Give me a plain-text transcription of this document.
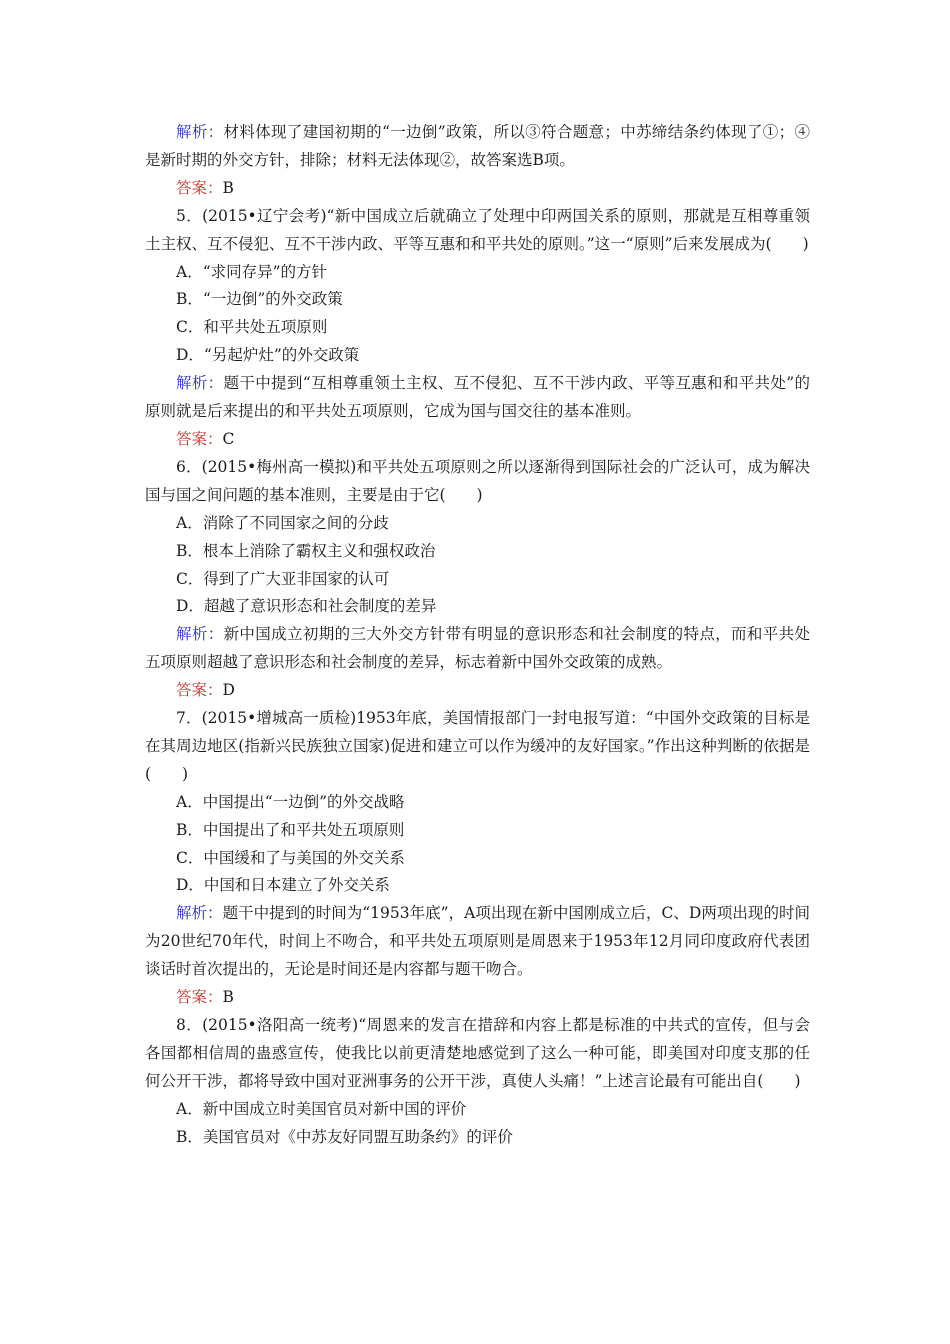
解析：材料体现了建国初期的“一边倒”政策，所以③符合题意；中苏缔结条约体现了①；④是新时期的外交方针，排除；材料无法体现②，故答案选B项。

答案：B

5．(2015•辽宁会考)“新中国成立后就确立了处理中印两国关系的原则，那就是互相尊重领土主权、互不侵犯、互不干涉内政、平等互惠和和平共处的原则。”这一“原则”后来发展成为(　　)

A．“求同存异”的方针

B．“一边倒”的外交政策

C．和平共处五项原则

D．“另起炉灶”的外交政策

解析：题干中提到“互相尊重领土主权、互不侵犯、互不干涉内政、平等互惠和和平共处”的原则就是后来提出的和平共处五项原则，它成为国与国交往的基本准则。

答案：C

6．(2015•梅州高一模拟)和平共处五项原则之所以逐渐得到国际社会的广泛认可，成为解决国与国之间问题的基本准则，主要是由于它(　　)

A．消除了不同国家之间的分歧

B．根本上消除了霸权主义和强权政治

C．得到了广大亚非国家的认可

D．超越了意识形态和社会制度的差异

解析：新中国成立初期的三大外交方针带有明显的意识形态和社会制度的特点，而和平共处五项原则超越了意识形态和社会制度的差异，标志着新中国外交政策的成熟。

答案：D

7．(2015•增城高一质检)1953年底，美国情报部门一封电报写道：“中国外交政策的目标是在其周边地区(指新兴民族独立国家)促进和建立可以作为缓冲的友好国家。”作出这种判断的依据是(　　)

A．中国提出“一边倒”的外交战略

B．中国提出了和平共处五项原则

C．中国缓和了与美国的外交关系

D．中国和日本建立了外交关系

解析：题干中提到的时间为“1953年底”，A项出现在新中国刚成立后，C、D两项出现的时间为20世纪70年代，时间上不吻合，和平共处五项原则是周恩来于1953年12月同印度政府代表团谈话时首次提出的，无论是时间还是内容都与题干吻合。

答案：B

8．(2015•洛阳高一统考)“周恩来的发言在措辞和内容上都是标准的中共式的宣传，但与会各国都相信周的蛊惑宣传，使我比以前更清楚地感觉到了这么一种可能，即美国对印度支那的任何公开干涉，都将导致中国对亚洲事务的公开干涉，真使人头痛！”上述言论最有可能出自(　　)

A．新中国成立时美国官员对新中国的评价

B．美国官员对《中苏友好同盟互助条约》的评价
